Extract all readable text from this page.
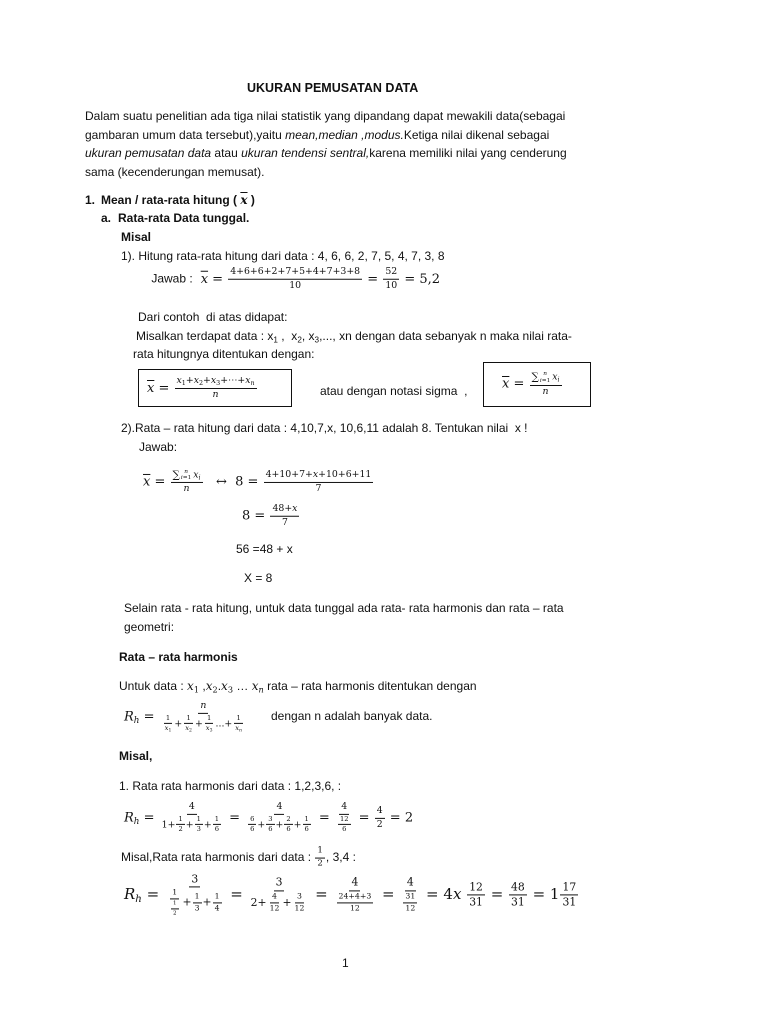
UKURAN PEMUSATAN DATA
Dalam suatu penelitian ada tiga nilai statistik yang dipandang dapat mewakili data(sebagai
gambaran umum data tersebut),yaitu mean,median ,modus.Ketiga nilai dikenal sebagai
ukuran pemusatan data atau ukuran tendensi sentral,karena memiliki nilai yang cenderung
sama (kecenderungan memusat).
1. Mean / rata-rata hitung ( $\overline{x}$ )
a. Rata-rata Data tunggal.
Misal
1). Hitung rata-rata hitung dari data : 4, 6, 6, 2, 7, 5, 4, 7, 3, 8

Jawab : $\overline{x} = \frac{4+6+6+2+7+5+4+7+3+8}{10} = \frac{52}{10} = 5,2$

Dari contoh  di atas didapat:
Misalkan terdapat data : $x_1$ ,  $x_2$, $x_3$,..., xn dengan data sebanyak n maka nilai rata-
rata hitungnya ditentukan dengan:
$\overline{x} = \frac{x_1+x_2+x_3+\cdots+x_n}{n}$	atau dengan notasi sigma  ,	$\overline{x}$ = ∑ n
i=1 $x_i$
n
2).Rata – rata hitung dari data : 4,10,7,x, 10,6,11 adalah 8. Tentukan nilai  x !
Jawab:
$\overline{x}$ = ∑ n
i=1 $x_i$
n ↔  $8 = \frac{4+10+7+x+10+6+11}{7}$
$8 = \frac{48+x}{7}$
56 =48 + x
X = 8
Selain rata - rata hitung, untuk data tunggal ada rata- rata harmonis dan rata – rata
geometri:
Rata – rata harmonis
Untuk data : $x_1$ $,x_2.x_3$ … $x_n$ rata – rata harmonis ditentukan dengan
$R_h = \frac{n}{\frac{1}{x_1} + \frac{1}{x_2} + \frac{1}{x_3} ...+ \frac{1}{x_n}}$ dengan n adalah banyak data.
Misal,
1. Rata rata harmonis dari data : 1,2,3,6, :
$R_h = \frac{4}{1+ \frac{1}{2} + \frac{1}{3} + \frac{1}{6}} = \frac{4}{\frac{6}{6} + \frac{3}{6} + \frac{2}{6} + \frac{1}{6}} = \frac{4}{\frac{12}{6}} = \frac{4}{2} = 2$
Misal,Rata rata harmonis dari data : $\frac{1}{2}$ , 3,4 :
$R_h = \frac{3}{\frac{1}{\frac{1}{2}} + \frac{1}{3} + \frac{1}{4}} = \frac{3}{2+ \frac{4}{12} + \frac{3}{12}} = \frac{4}{\frac{24+4+3}{12}} = \frac{4}{\frac{31}{12}} = 4x \frac{12}{31} = \frac{48}{31} = 1 \frac{17}{31}$
1
